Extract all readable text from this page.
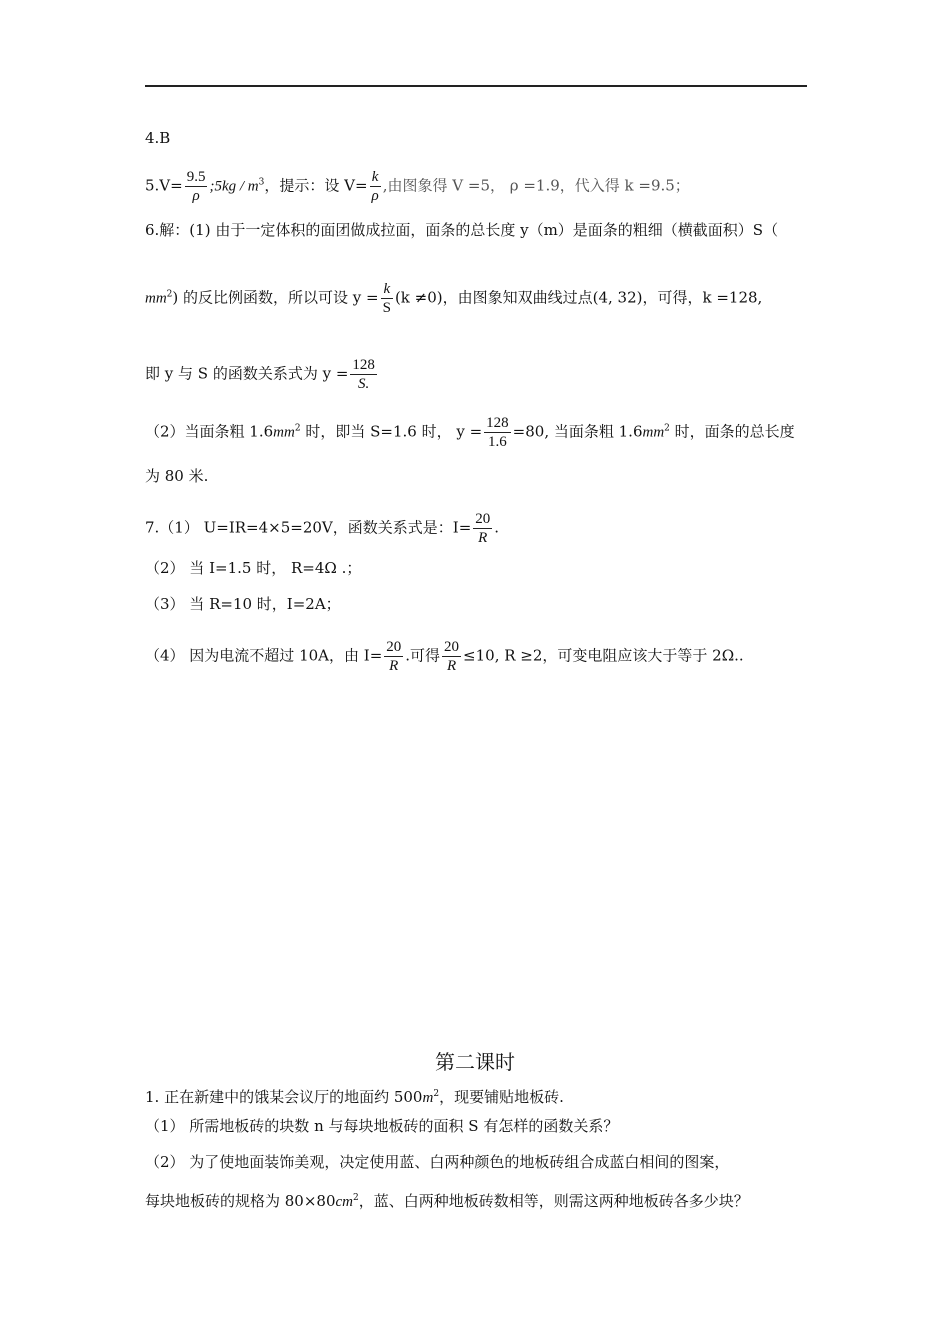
4.B
$5.V= \frac{9.5}{\rho}$ ;5kg / $m^3$，提示：设 $V= \frac{k}{\rho}$ ,由图象得 V =5， ρ =1.9，代入得 k =9.5；
6.解：(1) 由于一定体积的面团做成拉面，面条的总长度 y（m）是面条的粗细（横截面积）S（
$mm^2$) 的反比例函数，所以可设 $y = \frac{k}{S} (k \ne 0)$，由图象知双曲线过点(4, 32)，可得，k =128,
即 y 与 S 的函数关系式为 $y = \frac{128}{S.}$
（2）当面条粗 $1.6mm^2$ 时，即当 S=1.6 时， $y = \frac{128}{1.6} =80$, 当面条粗 $1.6mm^2$ 时，面条的总长度
为 80 米.
7.（1） U=IR=4×5=20V，函数关系式是：$I= \frac{20}{R}$ .
（2） 当 I=1.5 时， R=4Ω .；
（3） 当 R=10 时，I=2A；
（4） 因为电流不超过 10A，由 $I= \frac{20}{R}$ .可得 $\frac{20}{R} \le 10$, R ≥2，可变电阻应该大于等于 2Ω..
第二课时
1. 正在新建中的饿某会议厅的地面约 $500m^2$，现要铺贴地板砖.
（1） 所需地板砖的块数 n 与每块地板砖的面积 S 有怎样的函数关系？
（2） 为了使地面装饰美观，决定使用蓝、白两种颜色的地板砖组合成蓝白相间的图案，
每块地板砖的规格为 $80\times 80cm^2$，蓝、白两种地板砖数相等，则需这两种地板砖各多少块？
